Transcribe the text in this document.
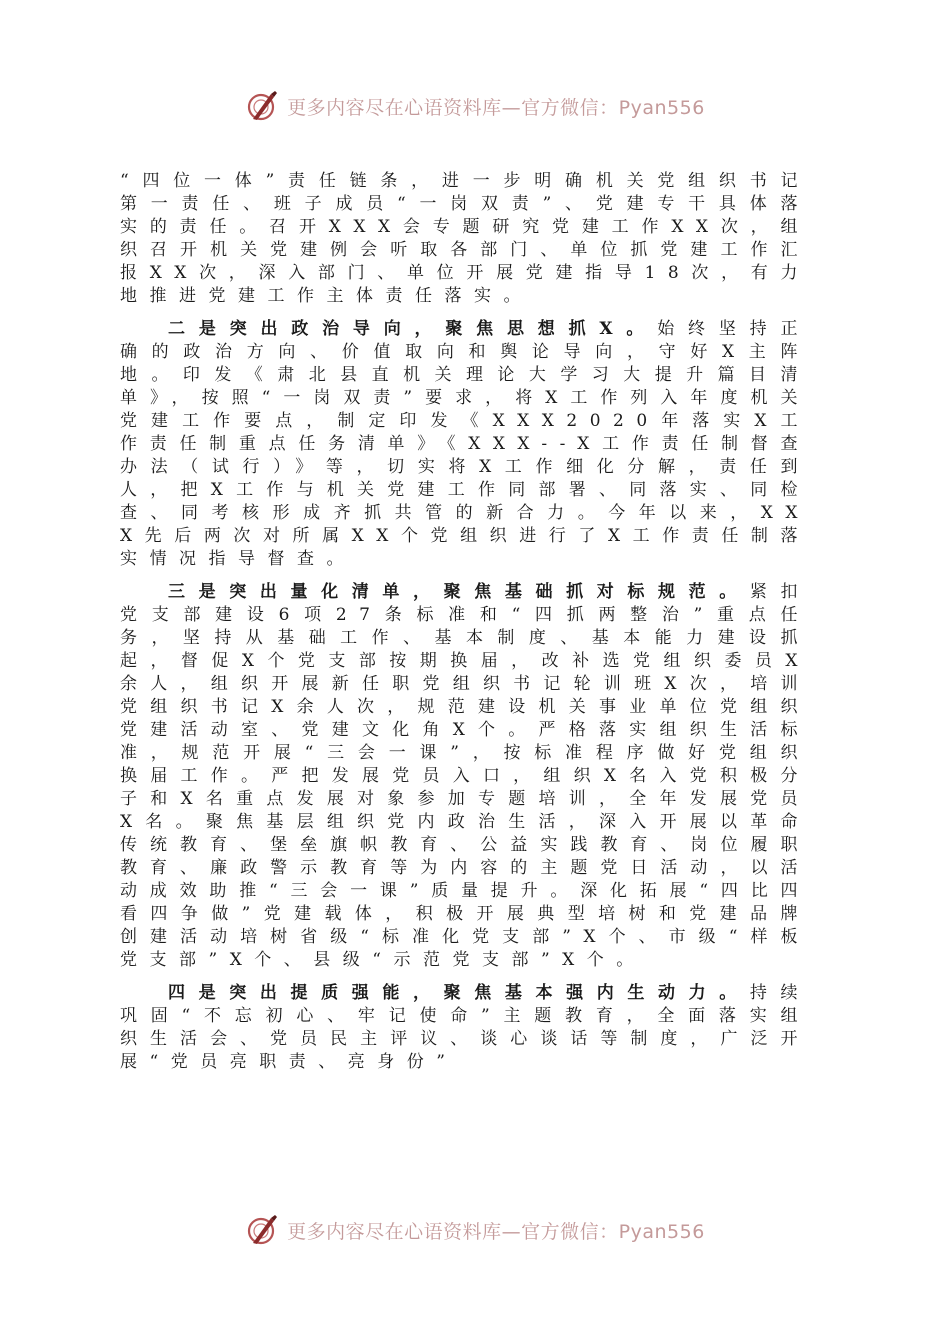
更多内容尽在心语资料库—官方微信：Pyan556

“四位一体”责任链条，进一步明确机关党组织书记第一责任、班子成员“一岗双责”、党建专干具体落实的责任。召开XXX会专题研究党建工作XX次，组织召开机关党建例会听取各部门、单位抓党建工作汇报XX次，深入部门、单位开展党建指导18次，有力地推进党建工作主体责任落实。

二是突出政治导向，聚焦思想抓X。始终坚持正确的政治方向、价值取向和舆论导向，守好X主阵地。印发《肃北县直机关理论大学习大提升篇目清单》，按照“一岗双责”要求，将X工作列入年度机关党建工作要点，制定印发《XXX2020年落实X工作责任制重点任务清单》《XXX--X工作责任制督查办法（试行）》等，切实将X工作细化分解，责任到人，把X工作与机关党建工作同部署、同落实、同检查、同考核形成齐抓共管的新合力。今年以来，XXX先后两次对所属XX个党组织进行了X工作责任制落实情况指导督查。

三是突出量化清单，聚焦基础抓对标规范。紧扣党支部建设6项27条标准和“四抓两整治”重点任务，坚持从基础工作、基本制度、基本能力建设抓起，督促X个党支部按期换届，改补选党组织委员X余人，组织开展新任职党组织书记轮训班X次，培训党组织书记X余人次，规范建设机关事业单位党组织党建活动室、党建文化角X个。严格落实组织生活标准，规范开展“三会一课”，按标准程序做好党组织换届工作。严把发展党员入口，组织X名入党积极分子和X名重点发展对象参加专题培训，全年发展党员X名。聚焦基层组织党内政治生活，深入开展以革命传统教育、堡垒旗帜教育、公益实践教育、岗位履职教育、廉政警示教育等为内容的主题党日活动，以活动成效助推“三会一课”质量提升。深化拓展“四比四看四争做”党建载体，积极开展典型培树和党建品牌创建活动培树省级“标准化党支部”X个、市级“样板党支部”X个、县级“示范党支部”X个。

四是突出提质强能，聚焦基本强内生动力。持续巩固“不忘初心、牢记使命”主题教育，全面落实组织生活会、党员民主评议、谈心谈话等制度，广泛开展“党员亮职责、亮身份”

更多内容尽在心语资料库—官方微信：Pyan556
